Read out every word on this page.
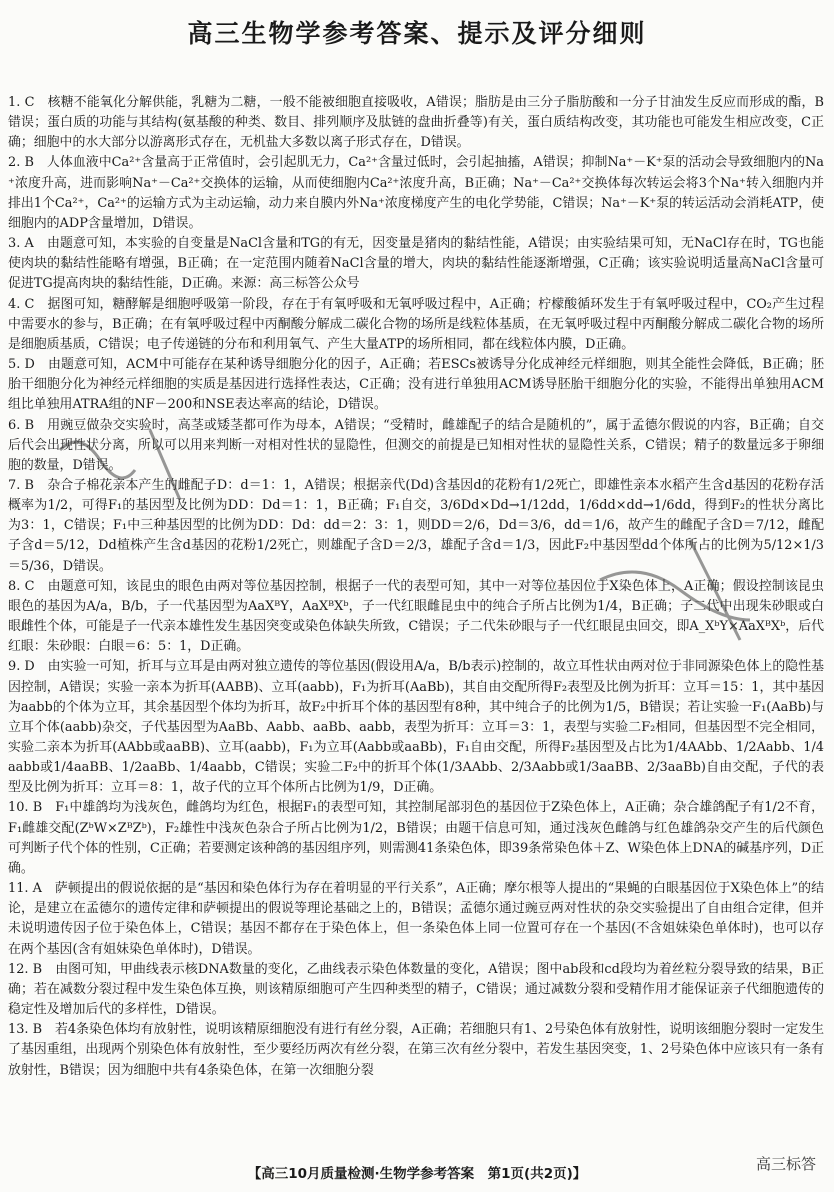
高三生物学参考答案、提示及评分细则

1. C　核糖不能氧化分解供能，乳糖为二糖，一般不能被细胞直接吸收，A错误；脂肪是由三分子脂肪酸和一分子甘油发生反应而形成的酯，B错误；蛋白质的功能与其结构(氨基酸的种类、数目、排列顺序及肽链的盘曲折叠等)有关，蛋白质结构改变，其功能也可能发生相应改变，C正确；细胞中的水大部分以游离形式存在，无机盐大多数以离子形式存在，D错误。

2. B　人体血液中Ca²⁺含量高于正常值时，会引起肌无力，Ca²⁺含量过低时，会引起抽搐，A错误；抑制Na⁺－K⁺泵的活动会导致细胞内的Na⁺浓度升高，进而影响Na⁺－Ca²⁺交换体的运输，从而使细胞内Ca²⁺浓度升高，B正确；Na⁺－Ca²⁺交换体每次转运会将3个Na⁺转入细胞内并排出1个Ca²⁺，Ca²⁺的运输方式为主动运输，动力来自膜内外Na⁺浓度梯度产生的电化学势能，C错误；Na⁺－K⁺泵的转运活动会消耗ATP，使细胞内的ADP含量增加，D错误。

3. A　由题意可知，本实验的自变量是NaCl含量和TG的有无，因变量是猪肉的黏结性能，A错误；由实验结果可知，无NaCl存在时，TG也能使肉块的黏结性能略有增强，B正确；在一定范围内随着NaCl含量的增大，肉块的黏结性能逐渐增强，C正确；该实验说明适量高NaCl含量可促进TG提高肉块的黏结性能，D正确。来源：高三标答公众号

4. C　据图可知，糖酵解是细胞呼吸第一阶段，存在于有氧呼吸和无氧呼吸过程中，A正确；柠檬酸循环发生于有氧呼吸过程中，CO₂产生过程中需要水的参与，B正确；在有氧呼吸过程中丙酮酸分解成二碳化合物的场所是线粒体基质，在无氧呼吸过程中丙酮酸分解成二碳化合物的场所是细胞质基质，C错误；电子传递链的分布和利用氧气、产生大量ATP的场所相同，都在线粒体内膜，D正确。

5. D　由题意可知，ACM中可能存在某种诱导细胞分化的因子，A正确；若ESCs被诱导分化成神经元样细胞，则其全能性会降低，B正确；胚胎干细胞分化为神经元样细胞的实质是基因进行选择性表达，C正确；没有进行单独用ACM诱导胚胎干细胞分化的实验，不能得出单独用ACM组比单独用ATRA组的NF－200和NSE表达率高的结论，D错误。

6. B　用豌豆做杂交实验时，高茎或矮茎都可作为母本，A错误；“受精时，雌雄配子的结合是随机的”，属于孟德尔假说的内容，B正确；自交后代会出现性状分离，所以可以用来判断一对相对性状的显隐性，但测交的前提是已知相对性状的显隐性关系，C错误；精子的数量远多于卵细胞的数量，D错误。

7. B　杂合子棉花亲本产生的雌配子D：d＝1：1，A错误；根据亲代(Dd)含基因d的花粉有1/2死亡，即雄性亲本水稻产生含d基因的花粉存活概率为1/2，可得F₁的基因型及比例为DD：Dd＝1：1，B正确；F₁自交，3/6Dd×Dd→1/12dd，1/6dd×dd→1/6dd，得到F₂的性状分离比为3：1，C错误；F₁中三种基因型的比例为DD：Dd：dd＝2：3：1，则DD＝2/6，Dd＝3/6，dd＝1/6，故产生的雌配子含D＝7/12，雌配子含d＝5/12，Dd植株产生含d基因的花粉1/2死亡，则雄配子含D＝2/3，雄配子含d＝1/3，因此F₂中基因型dd个体所占的比例为5/12×1/3＝5/36，D错误。

8. C　由题意可知，该昆虫的眼色由两对等位基因控制，根据子一代的表型可知，其中一对等位基因位于X染色体上，A正确；假设控制该昆虫眼色的基因为A/a，B/b，子一代基因型为AaXᴮY，AaXᴮXᵇ，子一代红眼雌昆虫中的纯合子所占比例为1/4，B正确；子二代中出现朱砂眼或白眼雌性个体，可能是子一代亲本雄性发生基因突变或染色体缺失所致，C错误；子二代朱砂眼与子一代红眼昆虫回交，即A_XᵇY×AaXᴮXᵇ，后代红眼：朱砂眼：白眼＝6：5：1，D正确。

9. D　由实验一可知，折耳与立耳是由两对独立遗传的等位基因(假设用A/a，B/b表示)控制的，故立耳性状由两对位于非同源染色体上的隐性基因控制，A错误；实验一亲本为折耳(AABB)、立耳(aabb)，F₁为折耳(AaBb)，其自由交配所得F₂表型及比例为折耳：立耳＝15：1，其中基因为aabb的个体为立耳，其余基因型个体均为折耳，故F₂中折耳个体的基因型有8种，其中纯合子的比例为1/5，B错误；若让实验一F₁(AaBb)与立耳个体(aabb)杂交，子代基因型为AaBb、Aabb、aaBb、aabb，表型为折耳：立耳＝3：1，表型与实验二F₂相同，但基因型不完全相同，实验二亲本为折耳(AAbb或aaBB)、立耳(aabb)，F₁为立耳(Aabb或aaBb)，F₁自由交配，所得F₂基因型及占比为1/4AAbb、1/2Aabb、1/4aabb或1/4aaBB、1/2aaBb、1/4aabb，C错误；实验二F₂中的折耳个体(1/3AAbb、2/3Aabb或1/3aaBB、2/3aaBb)自由交配，子代的表型及比例为折耳：立耳＝8：1，故子代的立耳个体所占比例为1/9，D正确。

10. B　F₁中雄鸽均为浅灰色，雌鸽均为红色，根据F₁的表型可知，其控制尾部羽色的基因位于Z染色体上，A正确；杂合雄鸽配子有1/2不育，F₁雌雄交配(ZᵇW×ZᴮZᵇ)，F₂雄性中浅灰色杂合子所占比例为1/2，B错误；由题干信息可知，通过浅灰色雌鸽与红色雄鸽杂交产生的后代颜色可判断子代个体的性别，C正确；若要测定该种鸽的基因组序列，则需测41条染色体，即39条常染色体＋Z、W染色体上DNA的碱基序列，D正确。

11. A　萨顿提出的假说依据的是“基因和染色体行为存在着明显的平行关系”，A正确；摩尔根等人提出的“果蝇的白眼基因位于X染色体上”的结论，是建立在孟德尔的遗传定律和萨顿提出的假说等理论基础之上的，B错误；孟德尔通过豌豆两对性状的杂交实验提出了自由组合定律，但并未说明遗传因子位于染色体上，C错误；基因不都存在于染色体上，但一条染色体上同一位置可存在一个基因(不含姐妹染色单体时)，也可以存在两个基因(含有姐妹染色单体时)，D错误。

12. B　由图可知，甲曲线表示核DNA数量的变化，乙曲线表示染色体数量的变化，A错误；图中ab段和cd段均为着丝粒分裂导致的结果，B正确；若在减数分裂过程中发生染色体互换，则该精原细胞可产生四种类型的精子，C错误；通过减数分裂和受精作用才能保证亲子代细胞遗传的稳定性及增加后代的多样性，D错误。

13. B　若4条染色体均有放射性，说明该精原细胞没有进行有丝分裂，A正确；若细胞只有1、2号染色体有放射性，说明该细胞分裂时一定发生了基因重组，出现两个别染色体有放射性，至少要经历两次有丝分裂，在第三次有丝分裂中，若发生基因突变，1、2号染色体中应该只有一条有放射性，B错误；因为细胞中共有4条染色体，在第一次细胞分裂

高三标答
【高三10月质量检测·生物学参考答案　第1页(共2页)】
